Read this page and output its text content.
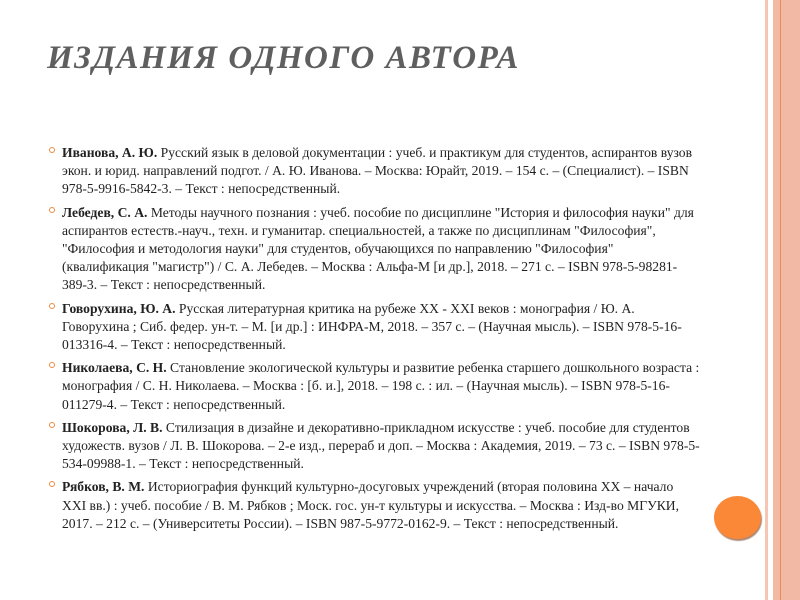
ИЗДАНИЯ ОДНОГО АВТОРА
Иванова, А. Ю. Русский язык в деловой документации : учеб. и практикум для студентов, аспирантов вузов экон. и юрид. направлений подгот. / А. Ю. Иванова. – Москва: Юрайт, 2019. – 154 с. – (Специалист). – ISBN 978-5-9916-5842-3. – Текст : непосредственный.
Лебедев, С. А. Методы научного познания : учеб. пособие по дисциплине "История и философия науки" для аспирантов естеств.-науч., техн. и гуманитар. специальностей, а также по дисциплинам "Философия", "Философия и методология науки" для студентов, обучающихся по направлению "Философия" (квалификация "магистр") / С. А. Лебедев. – Москва : Альфа-М [и др.], 2018. – 271 с. – ISBN 978-5-98281-389-3. – Текст : непосредственный.
Говорухина, Ю. А. Русская литературная критика на рубеже XX - XXI веков : монография / Ю. А. Говорухина ; Сиб. федер. ун-т. – М. [и др.] : ИНФРА-М, 2018. – 357 с. – (Научная мысль). – ISBN 978-5-16-013316-4. – Текст : непосредственный.
Николаева, С. Н. Становление экологической культуры и развитие ребенка старшего дошкольного возраста : монография / С. Н. Николаева. – Москва : [б. и.], 2018. – 198 с. : ил. – (Научная мысль). – ISBN 978-5-16-011279-4. – Текст : непосредственный.
Шокорова, Л. В. Стилизация в дизайне и декоративно-прикладном искусстве : учеб. пособие для студентов художеств. вузов / Л. В. Шокорова. – 2-е изд., перераб и доп. – Москва : Академия, 2019. – 73 с. – ISBN 978-5-534-09988-1. – Текст : непосредственный.
Рябков, В. М. Историография функций культурно-досуговых учреждений (вторая половина XX – начало XXI вв.) : учеб. пособие / В. М. Рябков ; Моск. гос. ун-т культуры и искусства. – Москва : Изд-во МГУКИ, 2017. – 212 с. – (Университеты России). – ISBN 987-5-9772-0162-9. – Текст : непосредственный.
